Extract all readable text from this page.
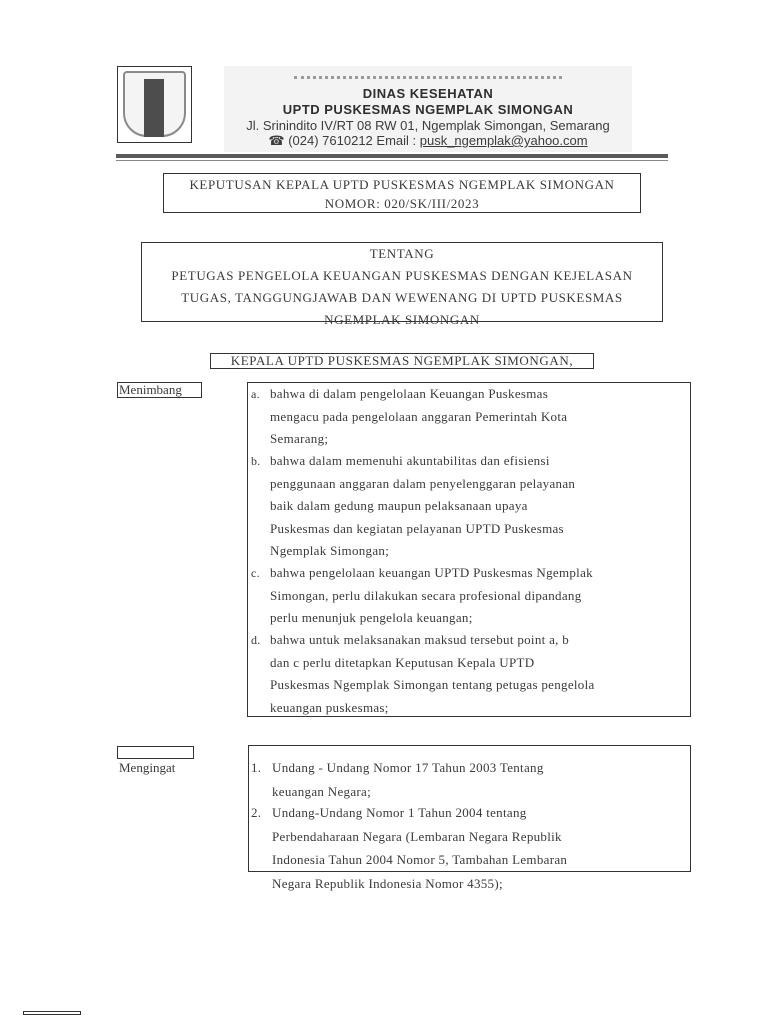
DINAS KESEHATAN
UPTD PUSKESMAS NGEMPLAK SIMONGAN
Jl. Srinindito IV/RT 08 RW 01, Ngemplak Simongan, Semarang
☎ (024) 7610212 Email : pusk_ngemplak@yahoo.com
KEPUTUSAN KEPALA UPTD PUSKESMAS NGEMPLAK SIMONGAN
NOMOR: 020/SK/III/2023
TENTANG
PETUGAS PENGELOLA KEUANGAN PUSKESMAS DENGAN KEJELASAN
TUGAS, TANGGUNGJAWAB DAN WEWENANG DI UPTD PUSKESMAS
NGEMPLAK SIMONGAN
KEPALA UPTD PUSKESMAS NGEMPLAK SIMONGAN,
Menimbang	a. bahwa di dalam pengelolaan Keuangan Puskesmas
mengacu pada pengelolaan anggaran Pemerintah Kota
Semarang;
b. bahwa dalam memenuhi akuntabilitas dan efisiensi
penggunaan anggaran dalam penyelenggaran pelayanan
baik dalam gedung maupun pelaksanaan upaya
Puskesmas dan kegiatan pelayanan UPTD Puskesmas
Ngemplak Simongan;
c. bahwa pengelolaan keuangan UPTD Puskesmas Ngemplak
Simongan, perlu dilakukan secara profesional dipandang
perlu menunjuk pengelola keuangan;
d. bahwa untuk melaksanakan maksud tersebut point a, b
dan c perlu ditetapkan Keputusan Kepala UPTD
Puskesmas Ngemplak Simongan tentang petugas pengelola
keuangan puskesmas;
Mengingat	1. Undang - Undang Nomor 17 Tahun 2003 Tentang
keuangan Negara;
2. Undang-Undang Nomor 1 Tahun 2004 tentang
Perbendaharaan Negara (Lembaran Negara Republik
Indonesia Tahun 2004 Nomor 5, Tambahan Lembaran
Negara Republik Indonesia Nomor 4355);
